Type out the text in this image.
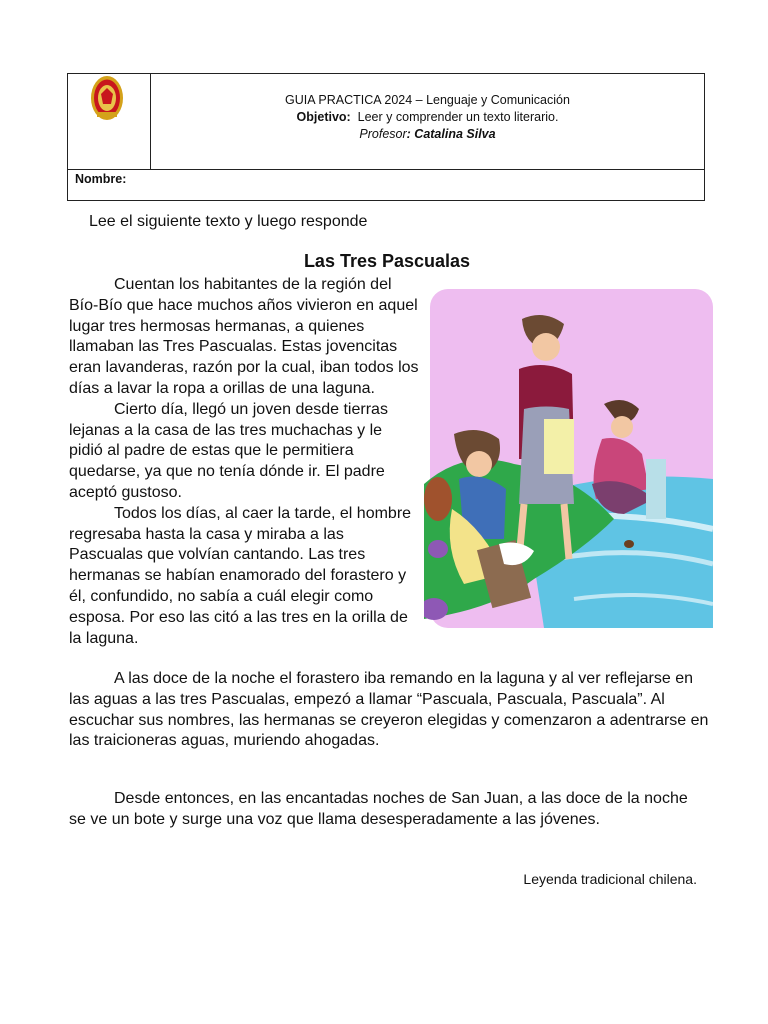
GUIA PRACTICA 2024 – Lenguaje y Comunicación
Objetivo: Leer y comprender un texto literario.
Profesor: Catalina Silva
Nombre:
Lee el siguiente texto y luego responde
Las Tres Pascualas

Cuentan los habitantes de la región del Bío-Bío que hace muchos años vivieron en aquel lugar tres hermosas hermanas, a quienes llamaban las Tres Pascualas. Estas jovencitas eran lavanderas, razón por la cual, iban todos los días a lavar la ropa a orillas de una laguna.

Cierto día, llegó un joven desde tierras lejanas a la casa de las tres muchachas y le pidió al padre de estas que le permitiera quedarse, ya que no tenía dónde ir. El padre aceptó gustoso.

Todos los días, al caer la tarde, el hombre regresaba hasta la casa y miraba a las Pascualas que volvían cantando. Las tres hermanas se habían enamorado del forastero y él, confundido, no sabía a cuál elegir como esposa. Por eso las citó a las tres en la orilla de la laguna.

A las doce de la noche el forastero iba remando en la laguna y al ver reflejarse en las aguas a las tres Pascualas, empezó a llamar “Pascuala, Pascuala, Pascuala”. Al escuchar sus nombres, las hermanas se creyeron elegidas y comenzaron a adentrarse en las traicioneras aguas, muriendo ahogadas.

Desde entonces, en las encantadas noches de San Juan, a las doce de la noche se ve un bote y surge una voz que llama desesperadamente a las jóvenes.

Leyenda tradicional chilena.
